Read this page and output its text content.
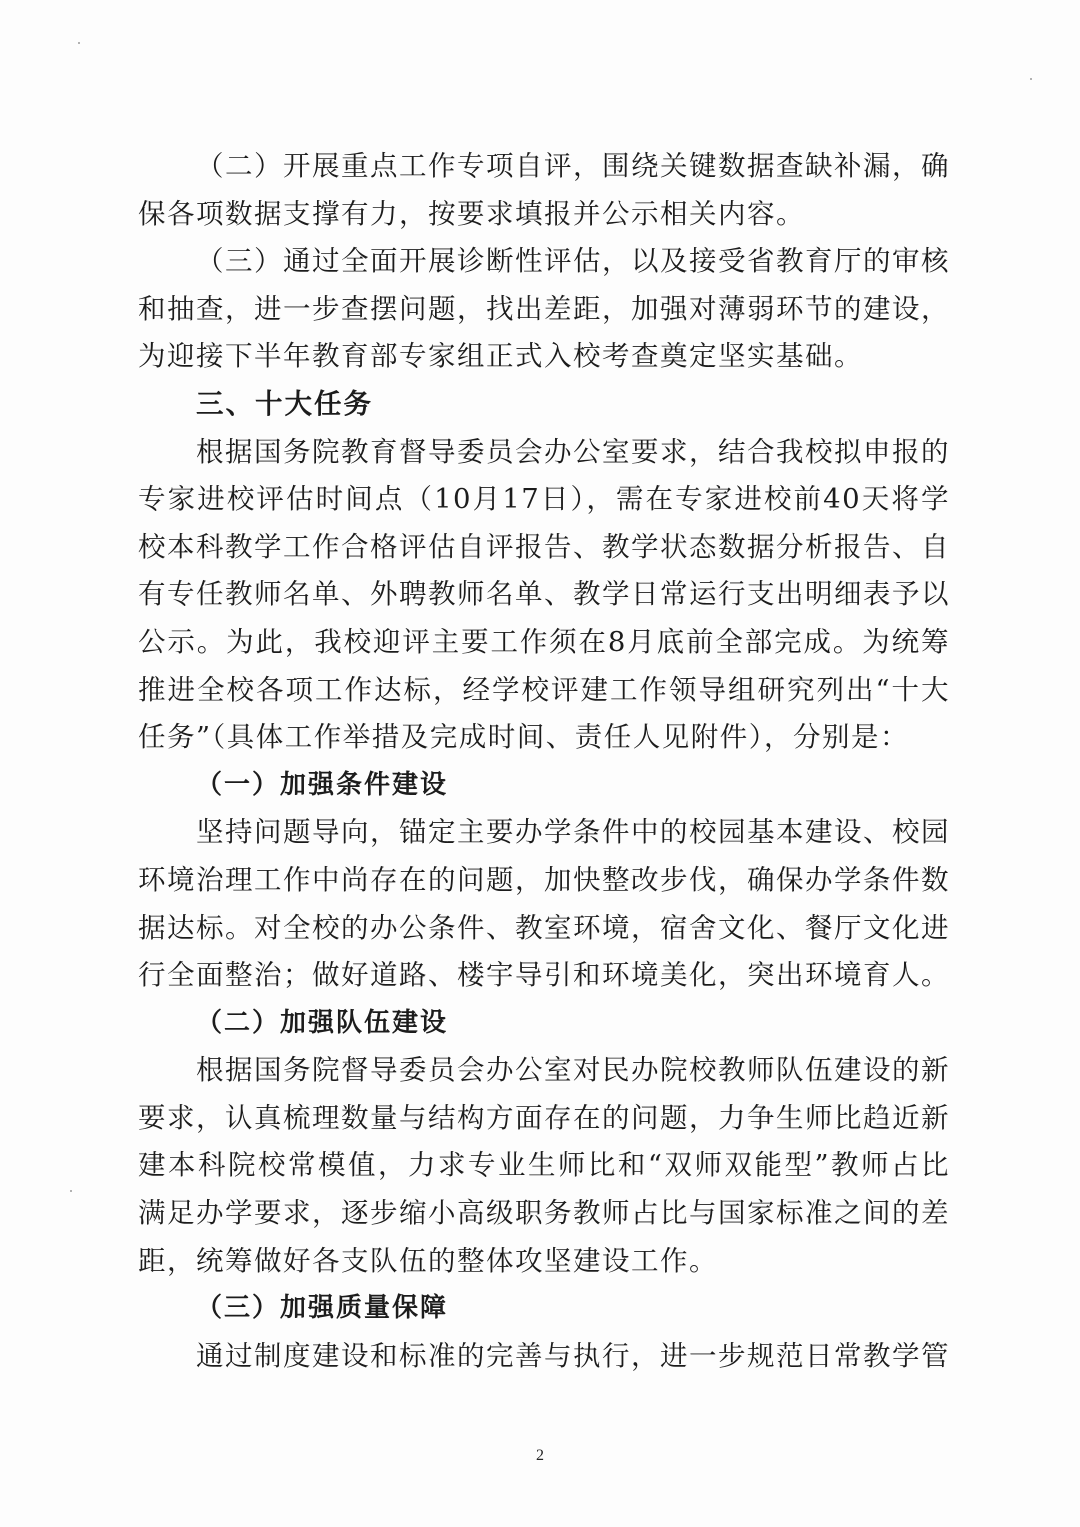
（二）开展重点工作专项自评，围绕关键数据查缺补漏，确保各项数据支撑有力，按要求填报并公示相关内容。

（三）通过全面开展诊断性评估，以及接受省教育厅的审核和抽查，进一步查摆问题，找出差距，加强对薄弱环节的建设，为迎接下半年教育部专家组正式入校考查奠定坚实基础。

三、十大任务

根据国务院教育督导委员会办公室要求，结合我校拟申报的专家进校评估时间点（10月17日），需在专家进校前40天将学校本科教学工作合格评估自评报告、教学状态数据分析报告、自有专任教师名单、外聘教师名单、教学日常运行支出明细表予以公示。为此，我校迎评主要工作须在8月底前全部完成。为统筹推进全校各项工作达标，经学校评建工作领导组研究列出“十大任务”（具体工作举措及完成时间、责任人见附件），分别是：

（一）加强条件建设

坚持问题导向，锚定主要办学条件中的校园基本建设、校园环境治理工作中尚存在的问题，加快整改步伐，确保办学条件数据达标。对全校的办公条件、教室环境，宿舍文化、餐厅文化进行全面整治；做好道路、楼宇导引和环境美化，突出环境育人。

（二）加强队伍建设

根据国务院督导委员会办公室对民办院校教师队伍建设的新要求，认真梳理数量与结构方面存在的问题，力争生师比趋近新建本科院校常模值，力求专业生师比和“双师双能型”教师占比满足办学要求，逐步缩小高级职务教师占比与国家标准之间的差距，统筹做好各支队伍的整体攻坚建设工作。

（三）加强质量保障

通过制度建设和标准的完善与执行，进一步规范日常教学管

2
